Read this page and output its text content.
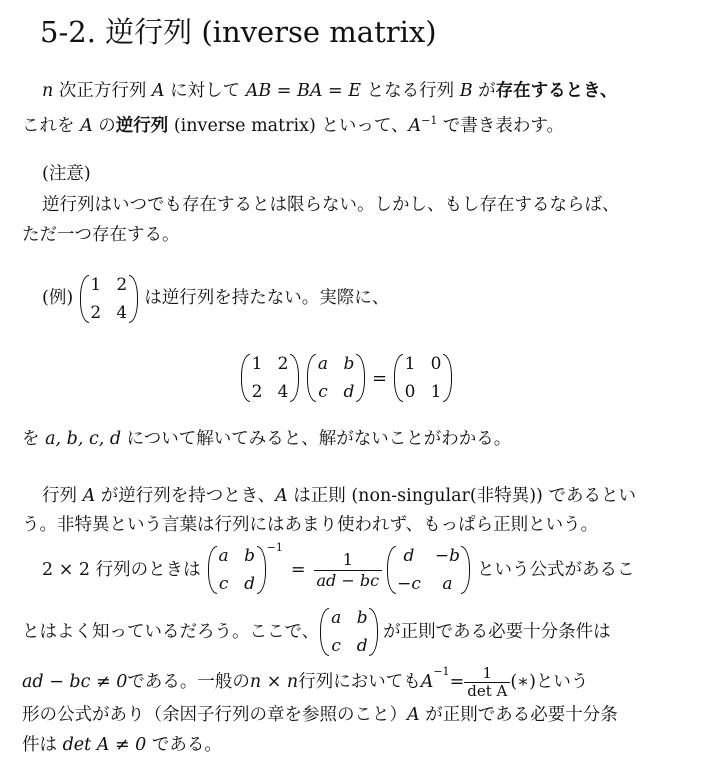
5-2. 逆行列 (inverse matrix)

n 次正方行列 A に対して AB = BA = E となる行列 B が存在するとき、

これを A の逆行列 (inverse matrix) といって、$A^{-1}$ で書き表わす。

(注意)

逆行列はいつでも存在するとは限らない。しかし、もし存在するならば、

ただ一つ存在する。

(例)
1 2
2 4
は逆行列を持たない。実際に、
1 2
2 4
a b
c d
=
1 0
0 1

を a, b, c, d について解いてみると、解がないことがわかる。

行列 A が逆行列を持つとき、A は正則 (non-singular(非特異)) であるとい

う。非特異という言葉は行列にはあまり使われず、もっぱら正則という。

2 × 2 行列のときは
a b
c d
−1
= $\frac{1}{ad - bc}$	d	−b
−c	a
という公式があるこ
とはよく知っているだろう。ここで、
a b
c d
が正則である必要十分条件は
ad − bc ≠ 0 である。一般の n × n 行列においても A
−1
= $\frac{1}{\text{det A}}$ (∗) という

形の公式があり（余因子行列の章を参照のこと）A が正則である必要十分条

件は det A ≠ 0 である。
